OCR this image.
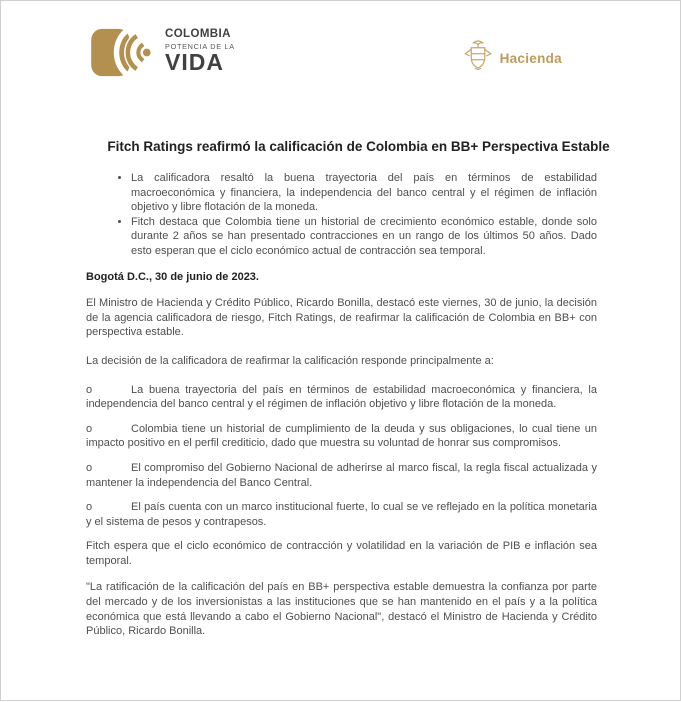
COLOMBIA
POTENCIA DE LA
VIDA	Hacienda
Fitch Ratings reafirmó la calificación de Colombia en BB+ Perspectiva Estable
• La calificadora resaltó la buena trayectoria del país en términos de estabilidad macroeconómica y financiera, la independencia del banco central y el régimen de inflación objetivo y libre flotación de la moneda.
• Fitch destaca que Colombia tiene un historial de crecimiento económico estable, donde solo durante 2 años se han presentado contracciones en un rango de los últimos 50 años. Dado esto esperan que el ciclo económico actual de contracción sea temporal.

Bogotá D.C., 30 de junio de 2023.

El Ministro de Hacienda y Crédito Público, Ricardo Bonilla, destacó este viernes, 30 de junio, la decisión de la agencia calificadora de riesgo, Fitch Ratings, de reafirmar la calificación de Colombia en BB+ con perspectiva estable.

La decisión de la calificadora de reafirmar la calificación responde principalmente a:

o	La buena trayectoria del país en términos de estabilidad macroeconómica y financiera, la independencia del banco central y el régimen de inflación objetivo y libre flotación de la moneda.

o	Colombia tiene un historial de cumplimiento de la deuda y sus obligaciones, lo cual tiene un impacto positivo en el perfil crediticio, dado que muestra su voluntad de honrar sus compromisos.

o	El compromiso del Gobierno Nacional de adherirse al marco fiscal, la regla fiscal actualizada y mantener la independencia del Banco Central.

o	El país cuenta con un marco institucional fuerte, lo cual se ve reflejado en la política monetaria y el sistema de pesos y contrapesos.

Fitch espera que el ciclo económico de contracción y volatilidad en la variación de PIB e inflación sea temporal.

"La ratificación de la calificación del país en BB+ perspectiva estable demuestra la confianza por parte del mercado y de los inversionistas a las instituciones que se han mantenido en el país y a la política económica que está llevando a cabo el Gobierno Nacional", destacó el Ministro de Hacienda y Crédito Público, Ricardo Bonilla.
